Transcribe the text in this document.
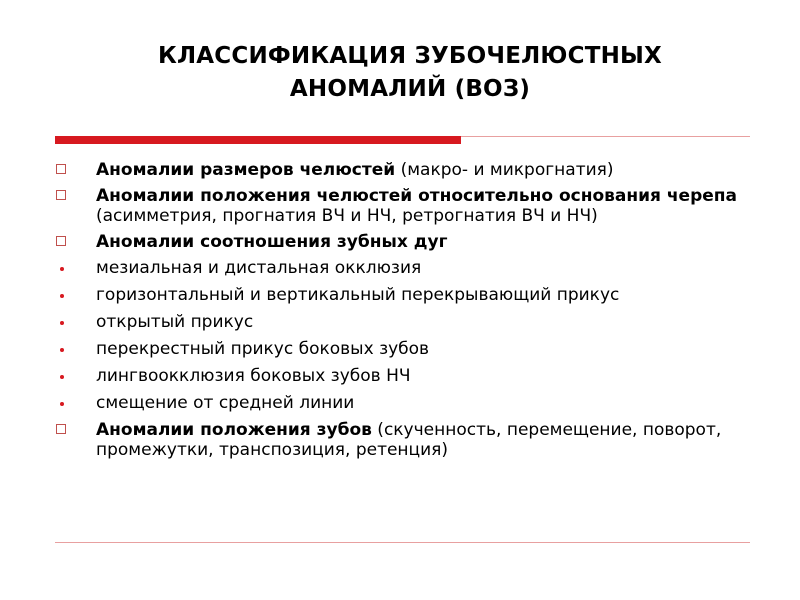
КЛАССИФИКАЦИЯ ЗУБОЧЕЛЮСТНЫХ
АНОМАЛИЙ (ВОЗ)
Аномалии размеров челюстей (макро- и микрогнатия)
Аномалии положения челюстей относительно основания черепа (асимметрия, прогнатия ВЧ и НЧ, ретрогнатия ВЧ и НЧ)
Аномалии соотношения зубных дуг
мезиальная и дистальная окклюзия
горизонтальный и вертикальный перекрывающий прикус
открытый прикус
перекрестный прикус боковых зубов
лингвоокклюзия боковых зубов НЧ
смещение от средней линии
Аномалии положения зубов (скученность, перемещение, поворот, промежутки, транспозиция, ретенция)
